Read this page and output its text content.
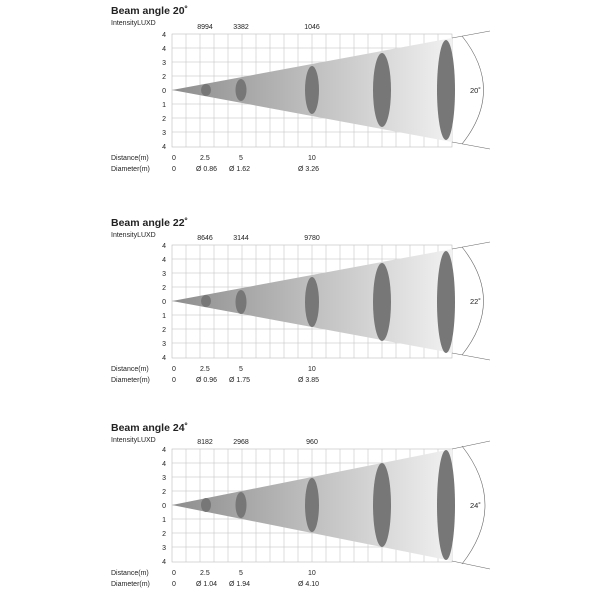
Beam angle 20˚
IntensityLUXD
20˚
4
4
3
2
0
1
2
3
4
8994	3382	1046
Distance(m)	0	2.5	5	10
Diameter(m)	0	Ø 0.86 Ø 1.62	Ø 3.26
Beam angle 22˚
IntensityLUXD
22˚
4
4
3
2
0
1
2
3
4
8646	3144	9780
Distance(m)	0	2.5	5	10
Diameter(m)	0	Ø 0.96 Ø 1.75	Ø 3.85
Beam angle 24˚
IntensityLUXD
24˚
4
4
3
2
0
1
2
3
4
8182	2968	960
Distance(m)	0	2.5	5	10
Diameter(m)	0	Ø 1.04 Ø 1.94	Ø 4.10
